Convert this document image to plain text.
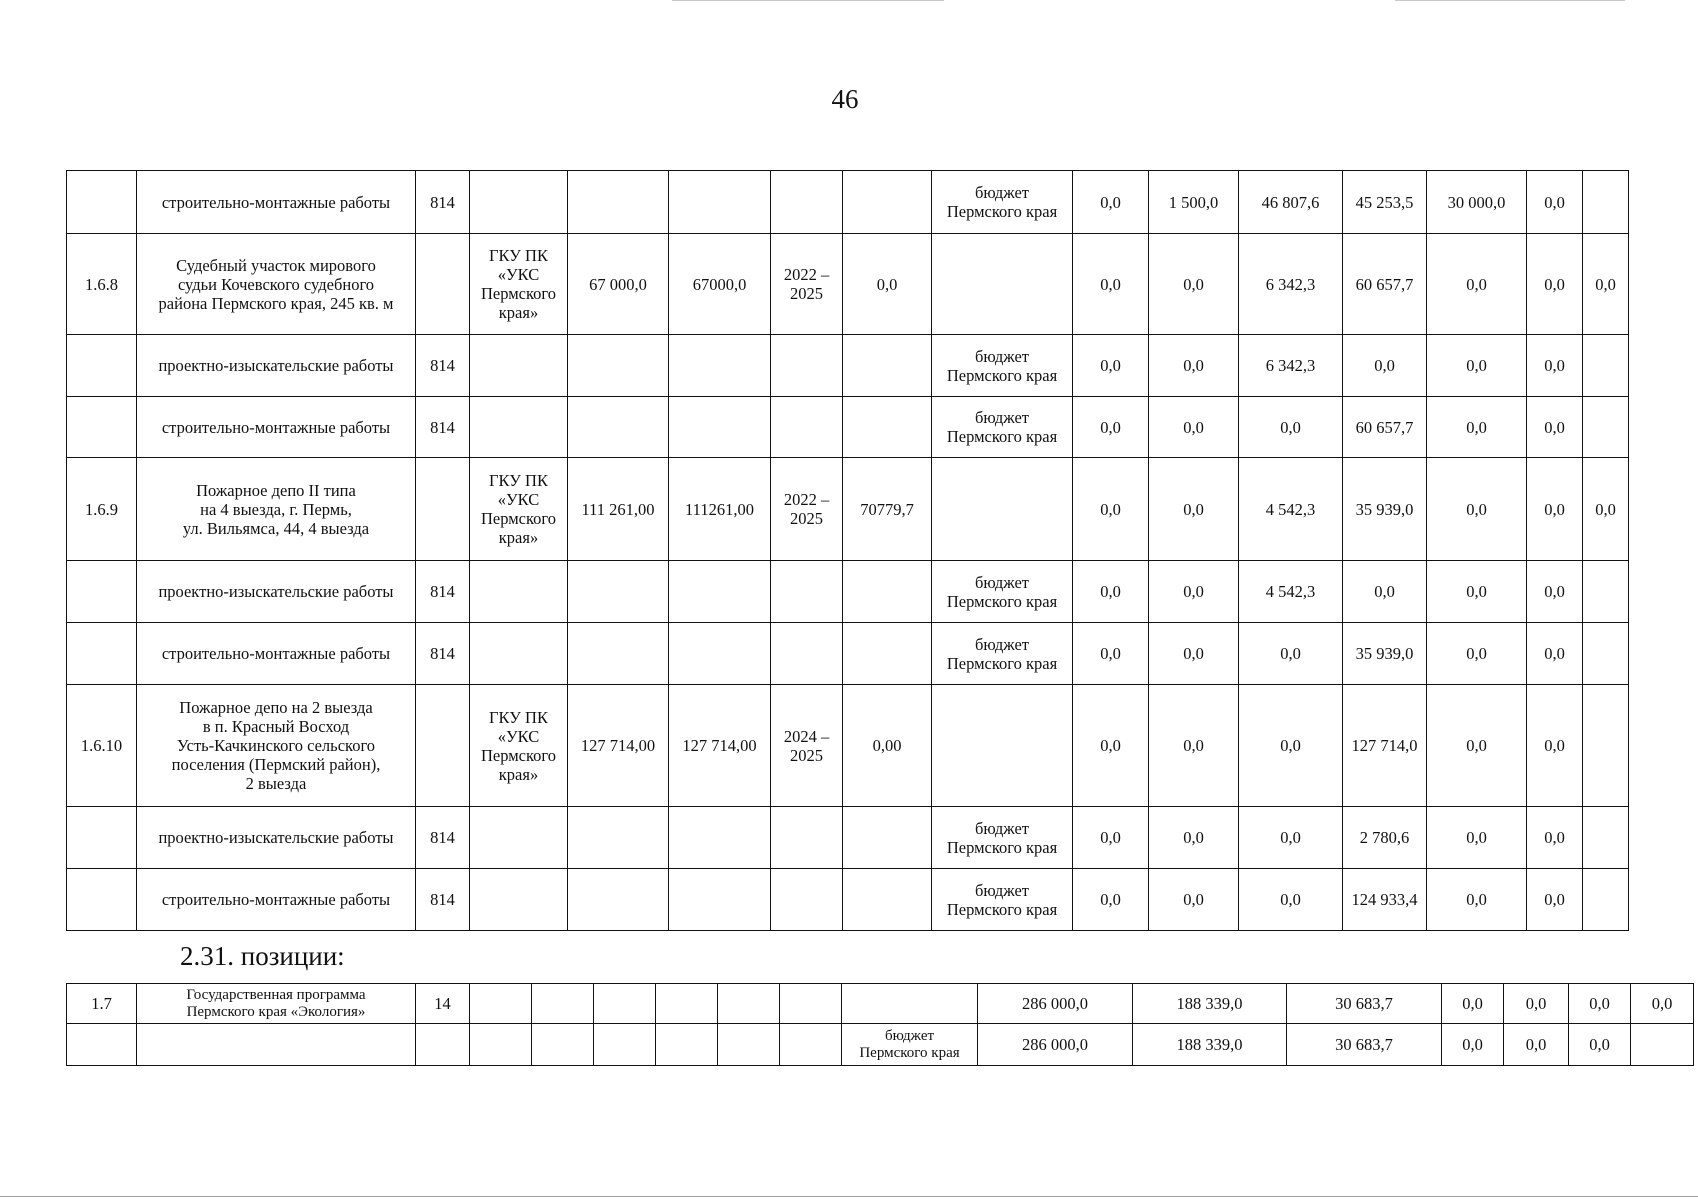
46
	строительно-монтажные работы	814						бюджет
Пермского края	0,0	1 500,0	46 807,6	45 253,5	30 000,0	0,0	
1.6.8	Судебный участок мирового
судьи Кочевского судебного
района Пермского края, 245 кв. м		ГКУ ПК
«УКС
Пермского
края»	67 000,0	67000,0	2022 –
2025	0,0		0,0	0,0	6 342,3	60 657,7	0,0	0,0	0,0
	проектно-изыскательские работы	814						бюджет
Пермского края	0,0	0,0	6 342,3	0,0	0,0	0,0	
	строительно-монтажные работы	814						бюджет
Пермского края	0,0	0,0	0,0	60 657,7	0,0	0,0	
1.6.9	Пожарное депо II типа
на 4 выезда, г. Пермь,
ул. Вильямса, 44, 4 выезда		ГКУ ПК
«УКС
Пермского
края»	111 261,00	111261,00	2022 –
2025	70779,7		0,0	0,0	4 542,3	35 939,0	0,0	0,0	0,0
	проектно-изыскательские работы	814						бюджет
Пермского края	0,0	0,0	4 542,3	0,0	0,0	0,0	
	строительно-монтажные работы	814						бюджет
Пермского края	0,0	0,0	0,0	35 939,0	0,0	0,0	
1.6.10	Пожарное депо на 2 выезда
в п. Красный Восход
Усть-Качкинского сельского
поселения (Пермский район),
2 выезда		ГКУ ПК
«УКС
Пермского
края»	127 714,00	127 714,00	2024 –
2025	0,00		0,0	0,0	0,0	127 714,0	0,0	0,0	
	проектно-изыскательские работы	814						бюджет
Пермского края	0,0	0,0	0,0	2 780,6	0,0	0,0	
	строительно-монтажные работы	814						бюджет
Пермского края	0,0	0,0	0,0	124 933,4	0,0	0,0	
2.31. позиции:
1.7	Государственная программа
Пермского края «Экология»	14								286 000,0	188 339,0	30 683,7	0,0	0,0	0,0	0,0
									бюджет
Пермского края	286 000,0	188 339,0	30 683,7	0,0	0,0	0,0	
